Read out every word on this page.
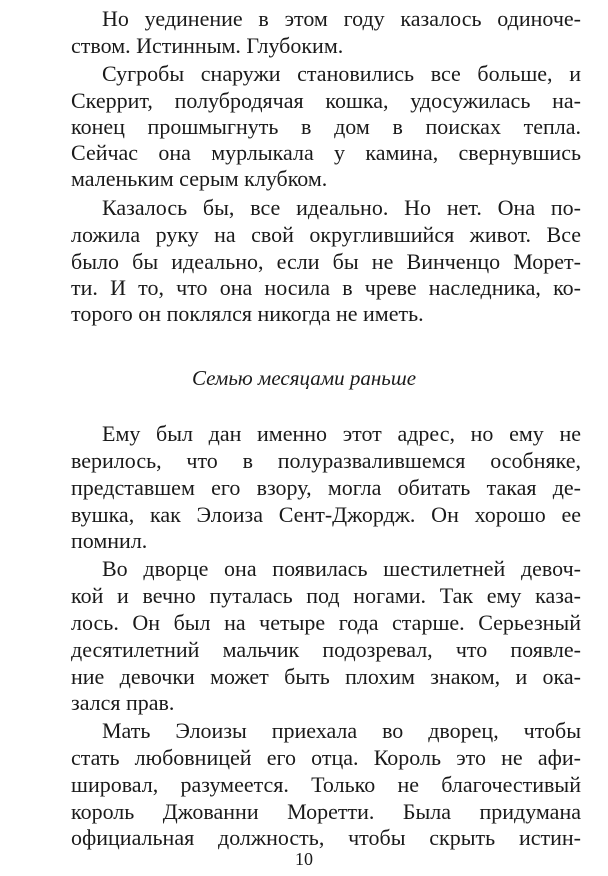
Но уединение в этом году казалось одиноче-
ством. Истинным. Глубоким.
Сугробы снаружи становились все больше, и
Скеррит, полубродячая кошка, удосужилась на-
конец прошмыгнуть в дом в поисках тепла.
Сейчас она мурлыкала у камина, свернувшись
маленьким серым клубком.
Казалось бы, все идеально. Но нет. Она по-
ложила руку на свой округлившийся живот. Все
было бы идеально, если бы не Винченцо Морет-
ти. И то, что она носила в чреве наследника, ко-
торого он поклялся никогда не иметь.
Семью месяцами раньше
Ему был дан именно этот адрес, но ему не
верилось, что в полуразвалившемся особняке,
представшем его взору, могла обитать такая де-
вушка, как Элоиза Сент-Джордж. Он хорошо ее
помнил.
Во дворце она появилась шестилетней девоч-
кой и вечно путалась под ногами. Так ему каза-
лось. Он был на четыре года старше. Серьезный
десятилетний мальчик подозревал, что появле-
ние девочки может быть плохим знаком, и ока-
зался прав.
Мать Элоизы приехала во дворец, чтобы
стать любовницей его отца. Король это не афи-
шировал, разумеется. Только не благочестивый
король Джованни Моретти. Была придумана
официальная должность, чтобы скрыть истин-
10
